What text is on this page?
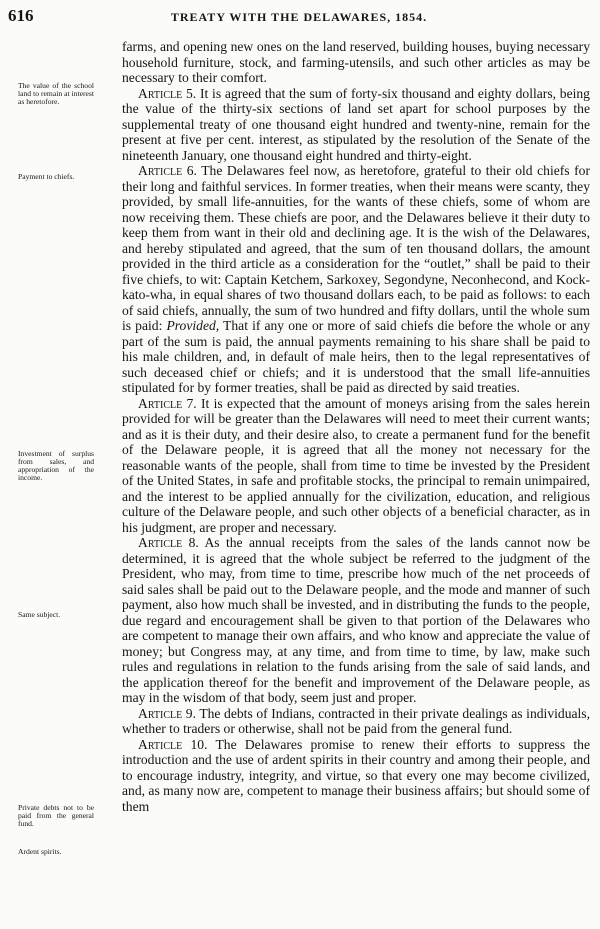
616	TREATY WITH THE DELAWARES, 1854.
The value of the school land to remain at interest as heretofore.
Payment to chiefs.
Investment of surplus from sales, and appropriation of the income.
Same subject.
Private debts not to be paid from the general fund.
Ardent spirits.

farms, and opening new ones on the land reserved, building houses, buying necessary household furniture, stock, and farming-utensils, and such other articles as may be necessary to their comfort.

Article 5. It is agreed that the sum of forty-six thousand and eighty dollars, being the value of the thirty-six sections of land set apart for school purposes by the supplemental treaty of one thousand eight hundred and twenty-nine, remain for the present at five per cent. interest, as stipulated by the resolution of the Senate of the nineteenth January, one thousand eight hundred and thirty-eight.

Article 6. The Delawares feel now, as heretofore, grateful to their old chiefs for their long and faithful services. In former treaties, when their means were scanty, they provided, by small life-annuities, for the wants of these chiefs, some of whom are now receiving them. These chiefs are poor, and the Delawares believe it their duty to keep them from want in their old and declining age. It is the wish of the Delawares, and hereby stipulated and agreed, that the sum of ten thousand dollars, the amount provided in the third article as a consideration for the “outlet,” shall be paid to their five chiefs, to wit: Captain Ketchem, Sarkoxey, Segondyne, Neconhecond, and Kock-kato-wha, in equal shares of two thousand dollars each, to be paid as follows: to each of said chiefs, annually, the sum of two hundred and fifty dollars, until the whole sum is paid: Provided, That if any one or more of said chiefs die before the whole or any part of the sum is paid, the annual payments remaining to his share shall be paid to his male children, and, in default of male heirs, then to the legal representatives of such deceased chief or chiefs; and it is understood that the small life-annuities stipulated for by former treaties, shall be paid as directed by said treaties.

Article 7. It is expected that the amount of moneys arising from the sales herein provided for will be greater than the Delawares will need to meet their current wants; and as it is their duty, and their desire also, to create a permanent fund for the benefit of the Delaware people, it is agreed that all the money not necessary for the reasonable wants of the people, shall from time to time be invested by the President of the United States, in safe and profitable stocks, the principal to remain unimpaired, and the interest to be applied annually for the civilization, education, and religious culture of the Delaware people, and such other objects of a beneficial character, as in his judgment, are proper and necessary.

Article 8. As the annual receipts from the sales of the lands cannot now be determined, it is agreed that the whole subject be referred to the judgment of the President, who may, from time to time, prescribe how much of the net proceeds of said sales shall be paid out to the Delaware people, and the mode and manner of such payment, also how much shall be invested, and in distributing the funds to the people, due regard and encouragement shall be given to that portion of the Delawares who are competent to manage their own affairs, and who know and appreciate the value of money; but Congress may, at any time, and from time to time, by law, make such rules and regulations in relation to the funds arising from the sale of said lands, and the application thereof for the benefit and improvement of the Delaware people, as may in the wisdom of that body, seem just and proper.

Article 9. The debts of Indians, contracted in their private dealings as individuals, whether to traders or otherwise, shall not be paid from the general fund.

Article 10. The Delawares promise to renew their efforts to suppress the introduction and the use of ardent spirits in their country and among their people, and to encourage industry, integrity, and virtue, so that every one may become civilized, and, as many now are, competent to manage their business affairs; but should some of them
